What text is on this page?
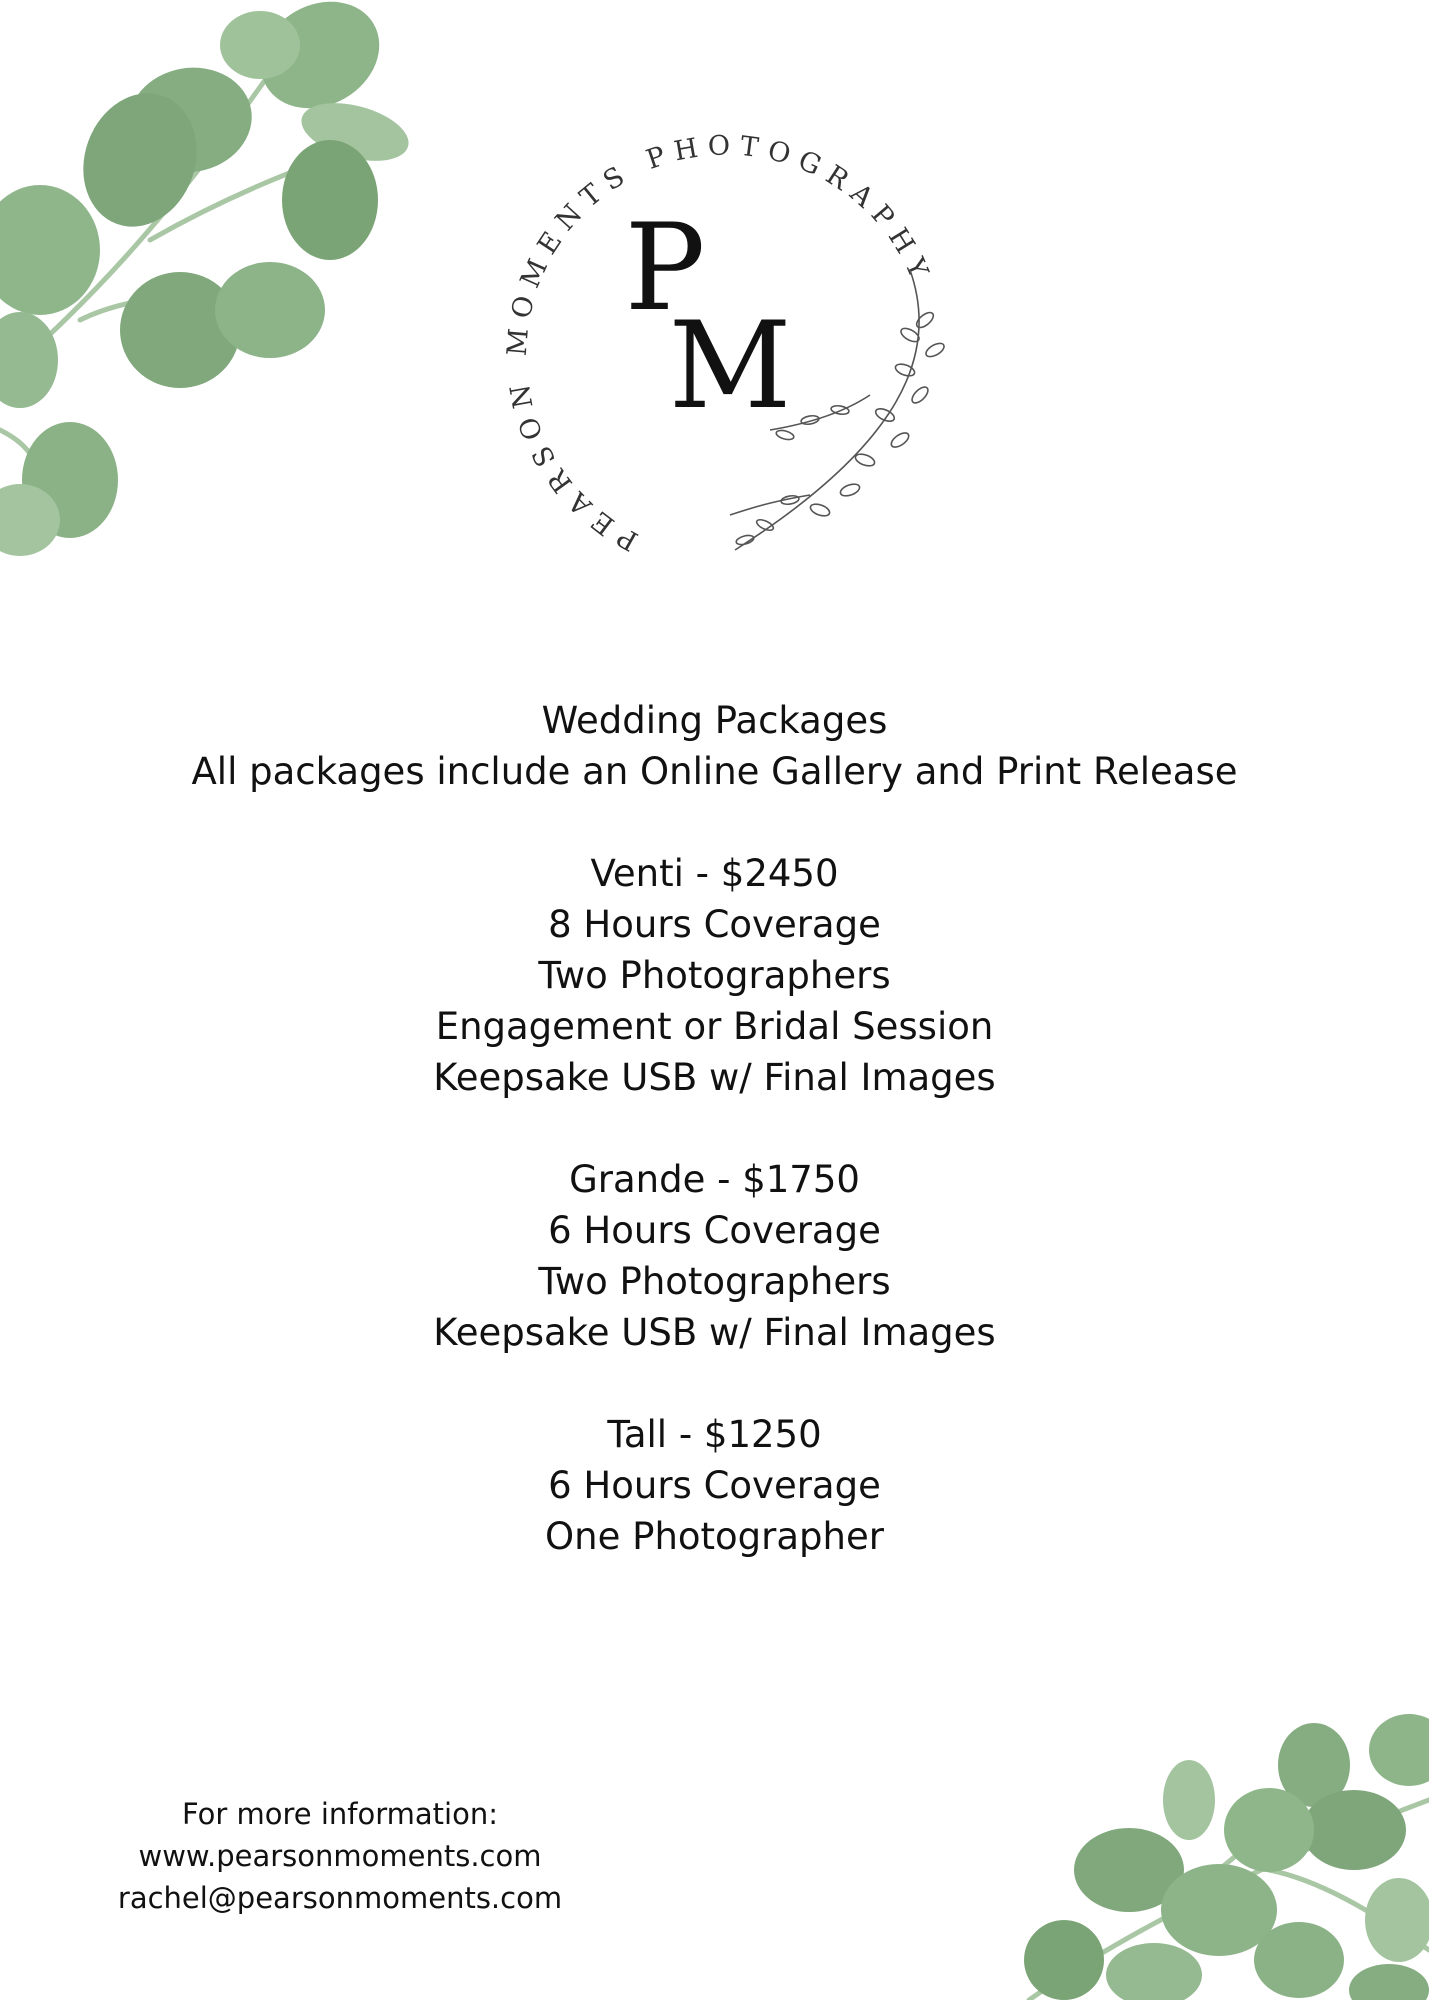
PEARSON MOMENTS PHOTOGRAPHY
P
M
Wedding Packages
All packages include an Online Gallery and Print Release
Venti - $2450
8 Hours Coverage
Two Photographers
Engagement or Bridal Session
Keepsake USB w/ Final Images
Grande - $1750
6 Hours Coverage
Two Photographers
Keepsake USB w/ Final Images
Tall - $1250
6 Hours Coverage
One Photographer
For more information:
www.pearsonmoments.com
rachel@pearsonmoments.com
